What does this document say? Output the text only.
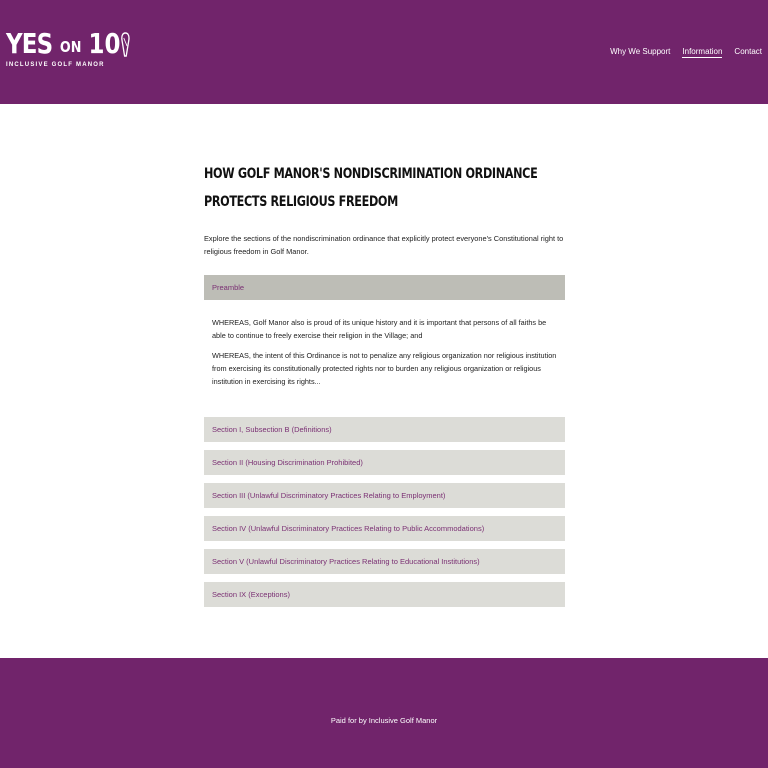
YES ON 10
INCLUSIVE GOLF MANOR
Why We Support Information Contact
HOW GOLF MANOR'S NONDISCRIMINATION ORDINANCE PROTECTS RELIGIOUS FREEDOM

Explore the sections of the nondiscrimination ordinance that explicitly protect everyone's Constitutional right to religious freedom in Golf Manor.

Preamble

WHEREAS, Golf Manor also is proud of its unique history and it is important that persons of all faiths be able to continue to freely exercise their religion in the Village; and

WHEREAS, the intent of this Ordinance is not to penalize any religious organization nor religious institution from exercising its constitutionally protected rights nor to burden any religious organization or religious institution in exercising its rights...

Section I, Subsection B (Definitions)
Section II (Housing Discrimination Prohibited)
Section III (Unlawful Discriminatory Practices Relating to Employment)
Section IV (Unlawful Discriminatory Practices Relating to Public Accommodations)
Section V (Unlawful Discriminatory Practices Relating to Educational Institutions)
Section IX (Exceptions)
Paid for by Inclusive Golf Manor
